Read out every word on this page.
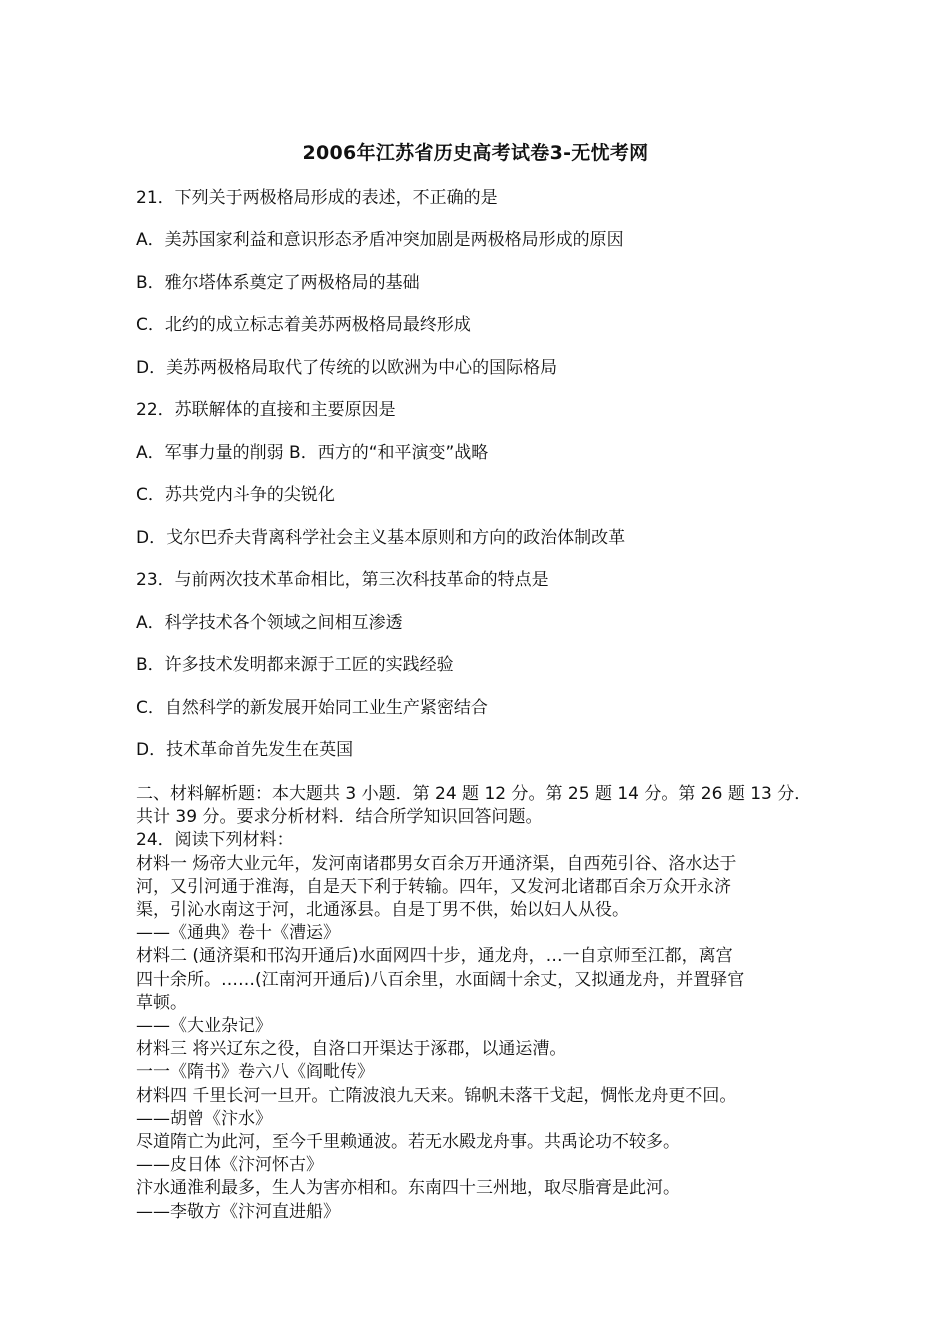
2006年江苏省历史高考试卷3-无忧考网
21．下列关于两极格局形成的表述，不正确的是
A．美苏国家利益和意识形态矛盾冲突加剧是两极格局形成的原因
B．雅尔塔体系奠定了两极格局的基础
C．北约的成立标志着美苏两极格局最终形成
D．美苏两极格局取代了传统的以欧洲为中心的国际格局
22．苏联解体的直接和主要原因是
A．军事力量的削弱 B．西方的“和平演变”战略
C．苏共党内斗争的尖锐化
D．戈尔巴乔夫背离科学社会主义基本原则和方向的政治体制改革
23．与前两次技术革命相比，第三次科技革命的特点是
A．科学技术各个领域之间相互渗透
B．许多技术发明都来源于工匠的实践经验
C．自然科学的新发展开始同工业生产紧密结合
D．技术革命首先发生在英国
二、材料解析题：本大题共 3 小题．第 24 题 12 分。第 25 题 14 分。第 26 题 13 分．
共计 39 分。要求分析材料．结合所学知识回答问题。
24．阅读下列材料：
材料一 炀帝大业元年，发河南诸郡男女百余万开通济渠，自西苑引谷、洛水达于
河，又引河通于淮海，自是天下利于转输。四年，又发河北诸郡百余万众开永济
渠，引沁水南这于河，北通涿县。自是丁男不供，始以妇人从役。
——《通典》卷十《漕运》
材料二 (通济渠和邗沟开通后)水面网四十步，通龙舟，…一自京师至江都，离宫
四十余所。……(江南河开通后)八百余里，水面阔十余丈，又拟通龙舟，并置驿官
草顿。
——《大业杂记》
材料三 将兴辽东之役，自洛口开渠达于涿郡，以通运漕。
一一《隋书》卷六八《阎毗传》
材料四 千里长河一旦开。亡隋波浪九天来。锦帆未落干戈起，惆怅龙舟更不回。
——胡曾《汴水》
尽道隋亡为此河，至今千里赖通波。若无水殿龙舟事。共禹论功不较多。
——皮日体《汴河怀古》
汴水通淮利最多，生人为害亦相和。东南四十三州地，取尽脂膏是此河。
——李敬方《汴河直进船》
